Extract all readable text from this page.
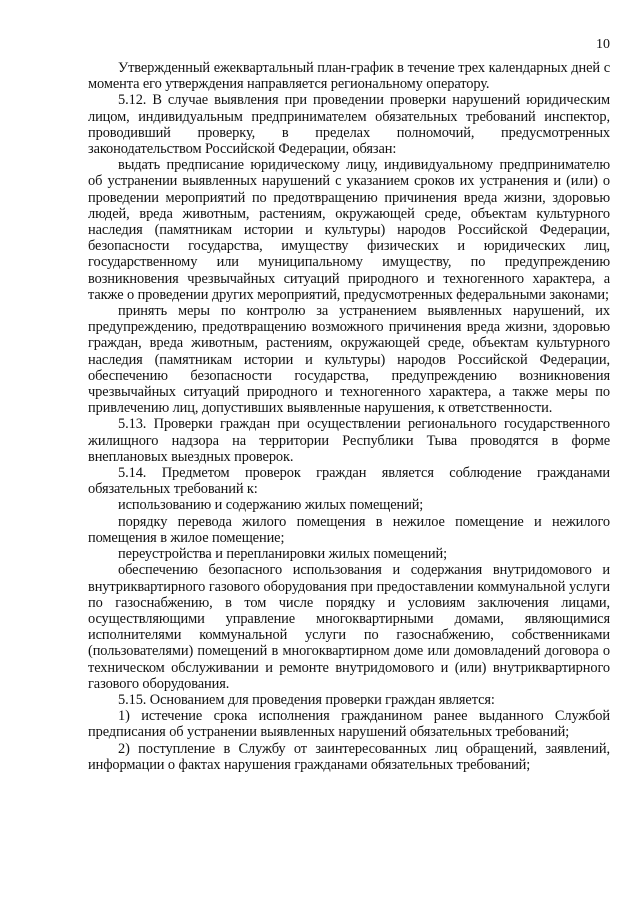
10

Утвержденный ежеквартальный план-график в течение трех календарных дней с момента его утверждения направляется региональному оператору.

5.12. В случае выявления при проведении проверки нарушений юридическим лицом, индивидуальным предпринимателем обязательных требований инспектор, проводивший проверку, в пределах полномочий, предусмотренных законодательством Российской Федерации, обязан:

выдать предписание юридическому лицу, индивидуальному предпринимателю об устранении выявленных нарушений с указанием сроков их устранения и (или) о проведении мероприятий по предотвращению причинения вреда жизни, здоровью людей, вреда животным, растениям, окружающей среде, объектам культурного наследия (памятникам истории и культуры) народов Российской Федерации, безопасности государства, имуществу физических и юридических лиц, государственному или муниципальному имуществу, по предупреждению возникновения чрезвычайных ситуаций природного и техногенного характера, а также о проведении других мероприятий, предусмотренных федеральными законами;

принять меры по контролю за устранением выявленных нарушений, их предупреждению, предотвращению возможного причинения вреда жизни, здоровью граждан, вреда животным, растениям, окружающей среде, объектам культурного наследия (памятникам истории и культуры) народов Российской Федерации, обеспечению безопасности государства, предупреждению возникновения чрезвычайных ситуаций природного и техногенного характера, а также меры по привлечению лиц, допустивших выявленные нарушения, к ответственности.

5.13. Проверки граждан при осуществлении регионального государственного жилищного надзора на территории Республики Тыва проводятся в форме внеплановых выездных проверок.

5.14. Предметом проверок граждан является соблюдение гражданами обязательных требований к:

использованию и содержанию жилых помещений;

порядку перевода жилого помещения в нежилое помещение и нежилого помещения в жилое помещение;

переустройства и перепланировки жилых помещений;

обеспечению безопасного использования и содержания внутридомового и внутриквартирного газового оборудования при предоставлении коммунальной услуги по газоснабжению, в том числе порядку и условиям заключения лицами, осуществляющими управление многоквартирными домами, являющимися исполнителями коммунальной услуги по газоснабжению, собственниками (пользователями) помещений в многоквартирном доме или домовладений договора о техническом обслуживании и ремонте внутридомового и (или) внутриквартирного газового оборудования.

5.15. Основанием для проведения проверки граждан является:

1) истечение срока исполнения гражданином ранее выданного Службой предписания об устранении выявленных нарушений обязательных требований;

2) поступление в Службу от заинтересованных лиц обращений, заявлений, информации о фактах нарушения гражданами обязательных требований;
